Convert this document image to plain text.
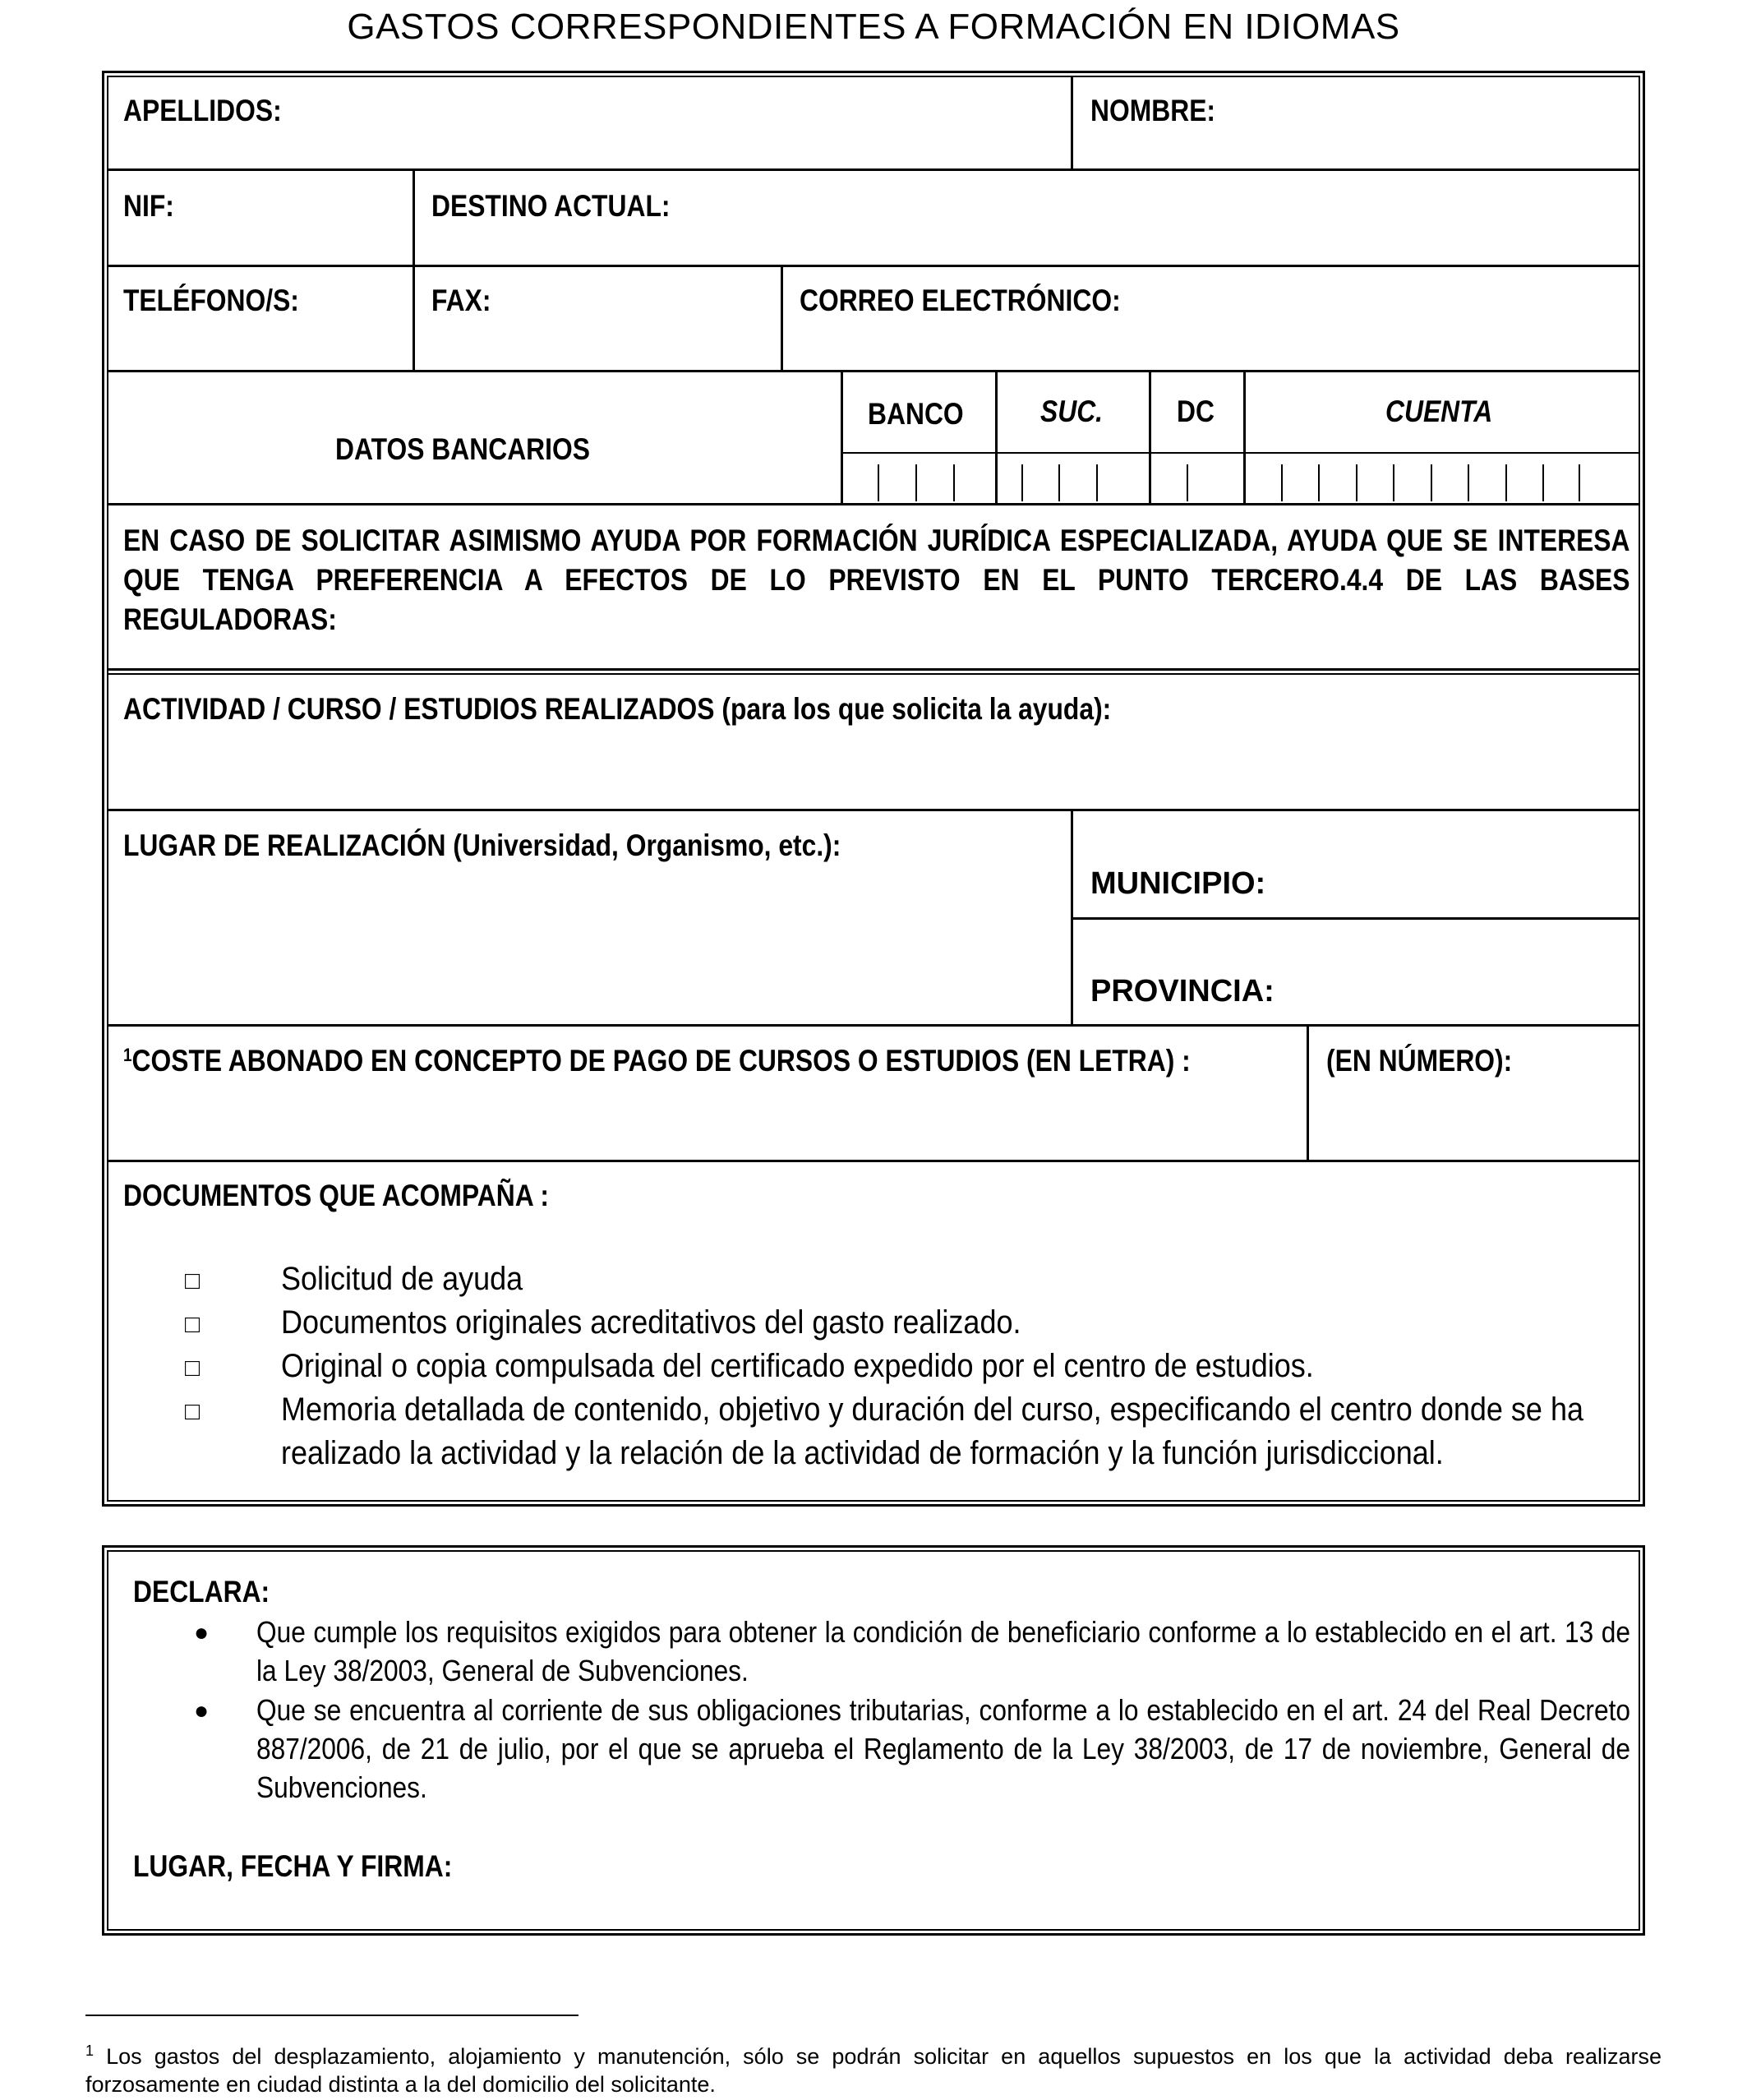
GASTOS CORRESPONDIENTES A FORMACIÓN EN IDIOMAS
APELLIDOS:	NOMBRE:
NIF:	DESTINO ACTUAL:
TELÉFONO/S:	FAX:	CORREO ELECTRÓNICO:
DATOS BANCARIOS
BANCO	SUC. DC	CUENTA
EN CASO DE SOLICITAR ASIMISMO AYUDA POR FORMACIÓN JURÍDICA ESPECIALIZADA, AYUDA QUE SE INTERESA QUE TENGA PREFERENCIA A EFECTOS DE LO PREVISTO EN EL PUNTO TERCERO.4.4 DE LAS BASES REGULADORAS:
ACTIVIDAD / CURSO / ESTUDIOS REALIZADOS (para los que solicita la ayuda):
LUGAR DE REALIZACIÓN (Universidad, Organismo, etc.):
MUNICIPIO:
PROVINCIA:
$^1$COSTE ABONADO EN CONCEPTO DE PAGO DE CURSOS O ESTUDIOS (EN LETRA) :	(EN NÚMERO):
DOCUMENTOS QUE ACOMPAÑA :
□ Solicitud de ayuda
□ Documentos originales acreditativos del gasto realizado.
□ Original o copia compulsada del certificado expedido por el centro de estudios.
□ Memoria detallada de contenido, objetivo y duración del curso, especificando el centro donde se ha
realizado la actividad y la relación de la actividad de formación y la función jurisdiccional.
DECLARA:
● Que cumple los requisitos exigidos para obtener la condición de beneficiario conforme a lo establecido en el art. 13 de la Ley 38/2003, General de Subvenciones.
● Que se encuentra al corriente de sus obligaciones tributarias, conforme a lo establecido en el art. 24 del Real Decreto 887/2006, de 21 de julio, por el que se aprueba el Reglamento de la Ley 38/2003, de 17 de noviembre, General de Subvenciones.
LUGAR, FECHA Y FIRMA:
$^1$ Los gastos del desplazamiento, alojamiento y manutención, sólo se podrán solicitar en aquellos supuestos en los que la actividad deba realizarse forzosamente en ciudad distinta a la del domicilio del solicitante.
